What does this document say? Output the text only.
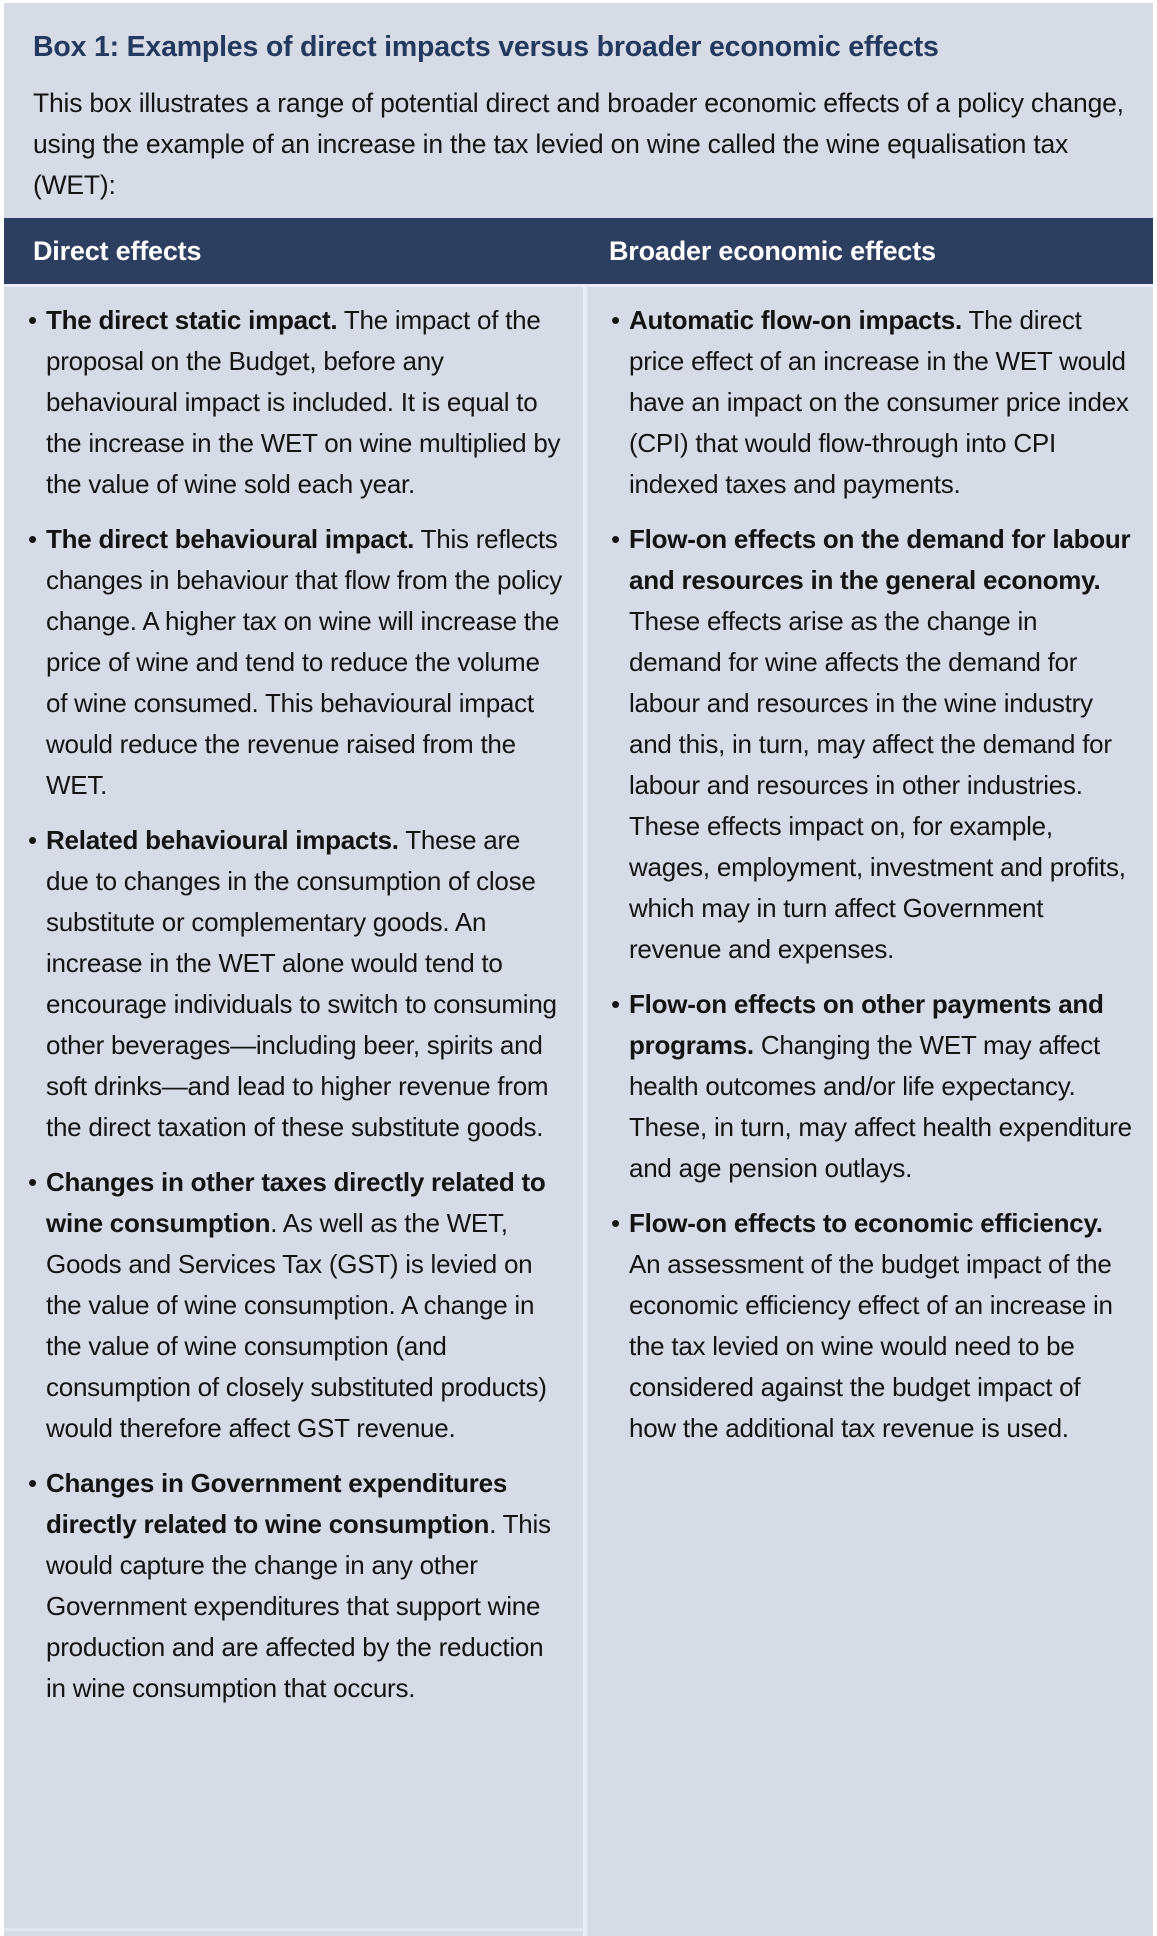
Box 1: Examples of direct impacts versus broader economic effects
This box illustrates a range of potential direct and broader economic effects of a policy change, using the example of an increase in the tax levied on wine called the wine equalisation tax (WET):
Direct effects	Broader economic effects
• The direct static impact. The impact of the proposal on the Budget, before any behavioural impact is included. It is equal to the increase in the WET on wine multiplied by the value of wine sold each year.
• The direct behavioural impact. This reflects changes in behaviour that flow from the policy change. A higher tax on wine will increase the price of wine and tend to reduce the volume of wine consumed. This behavioural impact would reduce the revenue raised from the WET.
• Related behavioural impacts. These are due to changes in the consumption of close substitute or complementary goods. An increase in the WET alone would tend to encourage individuals to switch to consuming other beverages—including beer, spirits and soft drinks—and lead to higher revenue from the direct taxation of these substitute goods.
• Changes in other taxes directly related to wine consumption. As well as the WET, Goods and Services Tax (GST) is levied on the value of wine consumption. A change in the value of wine consumption (and consumption of closely substituted products) would therefore affect GST revenue.
• Changes in Government expenditures directly related to wine consumption. This would capture the change in any other Government expenditures that support wine production and are affected by the reduction in wine consumption that occurs.
• Automatic flow-on impacts. The direct price effect of an increase in the WET would have an impact on the consumer price index (CPI) that would flow-through into CPI indexed taxes and payments.
• Flow-on effects on the demand for labour and resources in the general economy. These effects arise as the change in demand for wine affects the demand for labour and resources in the wine industry and this, in turn, may affect the demand for labour and resources in other industries. These effects impact on, for example, wages, employment, investment and profits, which may in turn affect Government revenue and expenses.
• Flow-on effects on other payments and programs. Changing the WET may affect health outcomes and/or life expectancy. These, in turn, may affect health expenditure and age pension outlays.
• Flow-on effects to economic efficiency. An assessment of the budget impact of the economic efficiency effect of an increase in the tax levied on wine would need to be considered against the budget impact of how the additional tax revenue is used.
